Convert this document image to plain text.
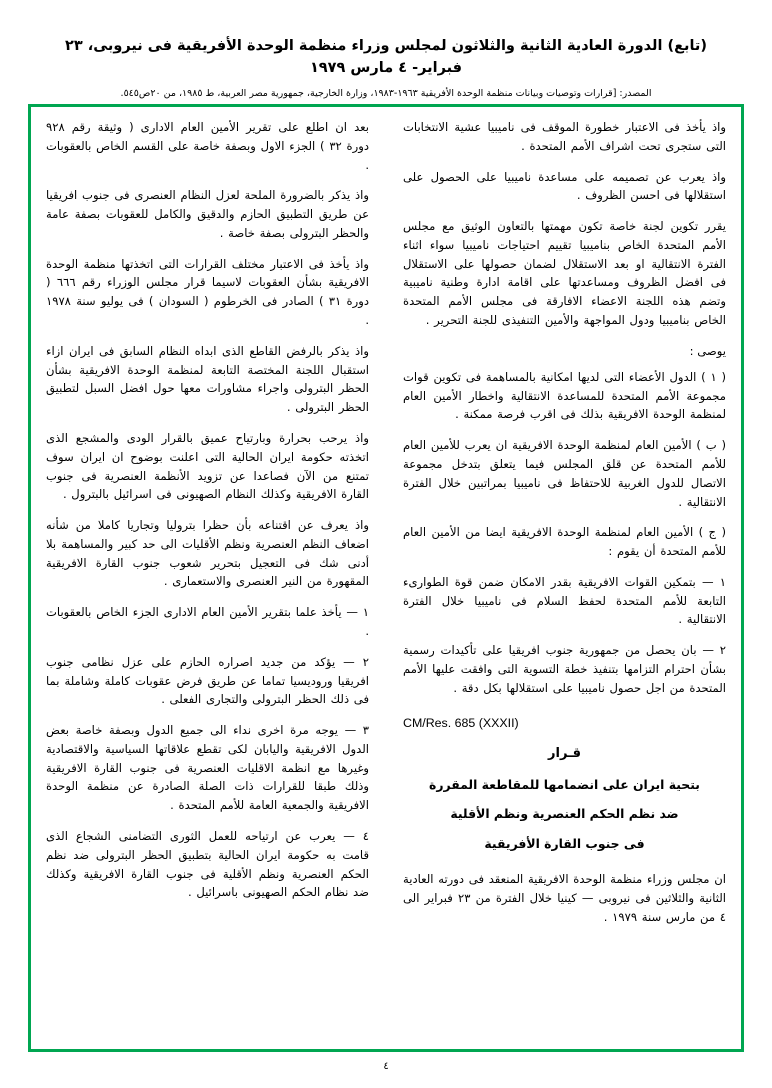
(تابع) الدورة العادية الثانية والثلاثون لمجلس وزراء منظمة الوحدة الأفريقية فى نيروبى، ٢٣ فبراير- ٤ مارس ١٩٧٩
المصدر: [قرارات وتوصيات وبيانات منظمة الوحدة الأفريقية ١٩٦٣-١٩٨٣، وزارة الخارجية، جمهورية مصر العربية، ط ١٩٨٥، من ٢٠ص٥٤٥.

واذ يأخذ فى الاعتبار خطورة الموقف فى ناميبيا عشية الانتخابات التى ستجرى تحت اشراف الأمم المتحدة .

واذ يعرب عن تصميمه على مساعدة ناميبيا على الحصول على استقلالها فى احسن الظروف .

يقرر تكوين لجنة خاصة تكون مهمتها بالتعاون الوثيق مع مجلس الأمم المتحدة الخاص بناميبيا تقييم احتياجات ناميبيا سواء اثناء الفترة الانتقالية او بعد الاستقلال لضمان حصولها على الاستقلال فى افضل الظروف ومساعدتها على اقامة ادارة وطنية ناميبية وتضم هذه اللجنة الاعضاء الافارقة فى مجلس الأمم المتحدة الخاص بناميبيا ودول المواجهة والأمين التنفيذى للجنة التحرير .

يوصى :

( ١ ) الدول الأعضاء التى لديها امكانية بالمساهمة فى تكوين قوات مجموعة الأمم المتحدة للمساعدة الانتقالية واخطار الأمين العام لمنظمة الوحدة الافريقية بذلك فى اقرب فرصة ممكنة .

( ب ) الأمين العام لمنظمة الوحدة الافريقية ان يعرب للأمين العام للأمم المتحدة عن قلق المجلس فيما يتعلق بتدخل مجموعة الاتصال للدول الغربية للاحتفاظ فى ناميبيا بمراتبين خلال الفترة الانتقالية .

( ج ) الأمين العام لمنظمة الوحدة الافريقية ايضا من الأمين العام للأمم المتحدة أن يقوم :

١ — بتمكين القوات الافريقية بقدر الامكان ضمن قوة الطوارىء التابعة للأمم المتحدة لحفظ السلام فى ناميبيا خلال الفترة الانتقالية .

٢ — بان يحصل من جمهورية جنوب افريقيا على تأكيدات رسمية بشأن احترام التزامها بتنفيذ خطة التسوية التى وافقت عليها الأمم المتحدة من اجل حصول ناميبيا على استقلالها بكل دقة .

CM/Res. 685 (XXXII)

قـرار

بتحية ايران على انضمامها للمقاطعة المقررة

ضد نظم الحكم العنصرية ونظم الأقلية

فى جنوب القارة الأفريقية

ان مجلس وزراء منظمة الوحدة الافريقية المنعقد فى دورته العادية الثانية والثلاثين فى نيروبى — كينيا خلال الفترة من ٢٣ فبراير الى ٤ من مارس سنة ١٩٧٩ .

بعد ان اطلع على تقرير الأمين العام الادارى ( وثيقة رقم ٩٢٨ دورة ٣٢ ) الجزء الاول وبصفة خاصة على القسم الخاص بالعقوبات .

واذ يذكر بالضرورة الملحة لعزل النظام العنصرى فى جنوب افريقيا عن طريق التطبيق الحازم والدقيق والكامل للعقوبات بصفة عامة والحظر البترولى بصفة خاصة .

واذ يأخذ فى الاعتبار مختلف القرارات التى اتخذتها منظمة الوحدة الافريقية بشأن العقوبات لاسيما قرار مجلس الوزراء رقم ٦٦٦ ( دورة ٣١ ) الصادر فى الخرطوم ( السودان ) فى يوليو سنة ١٩٧٨ .

واذ يذكر بالرفض القاطع الذى ابداه النظام السابق فى ايران ازاء استقبال اللجنة المختصة التابعة لمنظمة الوحدة الافريقية بشأن الحظر البترولى واجراء مشاورات معها حول افضل السبل لتطبيق الحظر البترولى .

واذ يرحب بحرارة وبارتياح عميق بالقرار الودى والمشجع الذى اتخذته حكومة ايران الحالية التى اعلنت بوضوح ان ايران سوف تمتنع من الآن فصاعدا عن تزويد الأنظمة العنصرية فى جنوب القارة الافريقية وكذلك النظام الصهيونى فى اسرائيل بالبترول .

واذ يعرف عن اقتناعه بأن حظرا بتروليا وتجاريا كاملا من شأنه اضعاف النظم العنصرية ونظم الأقليات الى حد كبير والمساهمة بلا أدنى شك فى التعجيل بتحرير شعوب جنوب القارة الافريقية المقهورة من النير العنصرى والاستعمارى .

١ — يأخذ علما بتقرير الأمين العام الادارى الجزء الخاص بالعقوبات .

٢ — يؤكد من جديد اصراره الحازم على عزل نظامى جنوب افريقيا وروديسيا تماما عن طريق فرض عقوبات كاملة وشاملة بما فى ذلك الحظر البترولى والتجارى الفعلى .

٣ — يوجه مرة اخرى نداء الى جميع الدول وبصفة خاصة بعض الدول الافريقية واليابان لكى تقطع علاقاتها السياسية والاقتصادية وغيرها مع انظمة الاقليات العنصرية فى جنوب القارة الافريقية وذلك طبقا للقرارات ذات الصلة الصادرة عن منظمة الوحدة الافريقية والجمعية العامة للأمم المتحدة .

٤ — يعرب عن ارتياحه للعمل الثورى التضامنى الشجاع الذى قامت به حكومة ايران الحالية بتطبيق الحظر البترولى ضد نظم الحكم العنصرية ونظم الأقلية فى جنوب القارة الافريقية وكذلك ضد نظام الحكم الصهيونى باسرائيل .

٤
